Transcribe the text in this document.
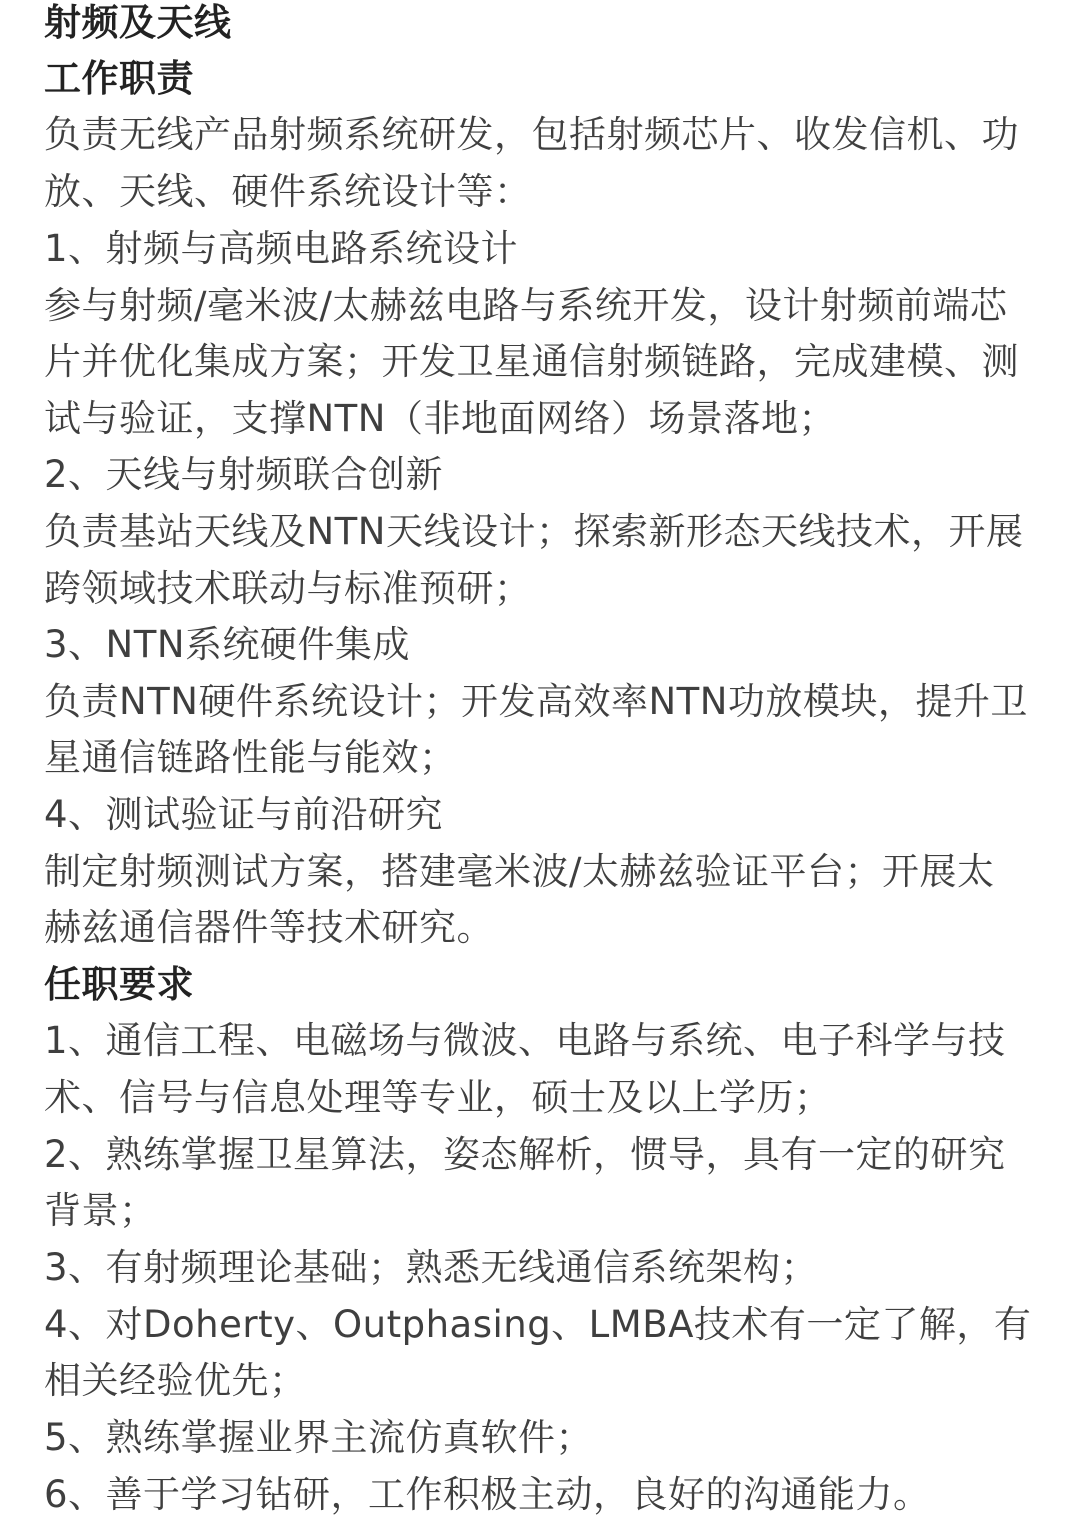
射频及天线
工作职责
负责无线产品射频系统研发，包括射频芯片、收发信机、功
放、天线、硬件系统设计等：
1、射频与高频电路系统设计
参与射频/毫米波/太赫兹电路与系统开发，设计射频前端芯
片并优化集成方案；开发卫星通信射频链路，完成建模、测
试与验证，支撑NTN（非地面网络）场景落地；
2、天线与射频联合创新
负责基站天线及NTN天线设计；探索新形态天线技术，开展
跨领域技术联动与标准预研；
3、NTN系统硬件集成
负责NTN硬件系统设计；开发高效率NTN功放模块，提升卫
星通信链路性能与能效；
4、测试验证与前沿研究
制定射频测试方案，搭建毫米波/太赫兹验证平台；开展太
赫兹通信器件等技术研究。
任职要求
1、通信工程、电磁场与微波、电路与系统、电子科学与技
术、信号与信息处理等专业，硕士及以上学历；
2、熟练掌握卫星算法，姿态解析，惯导，具有一定的研究
背景；
3、有射频理论基础；熟悉无线通信系统架构；
4、对Doherty、Outphasing、LMBA技术有一定了解，有
相关经验优先；
5、熟练掌握业界主流仿真软件；
6、善于学习钻研，工作积极主动，良好的沟通能力。
